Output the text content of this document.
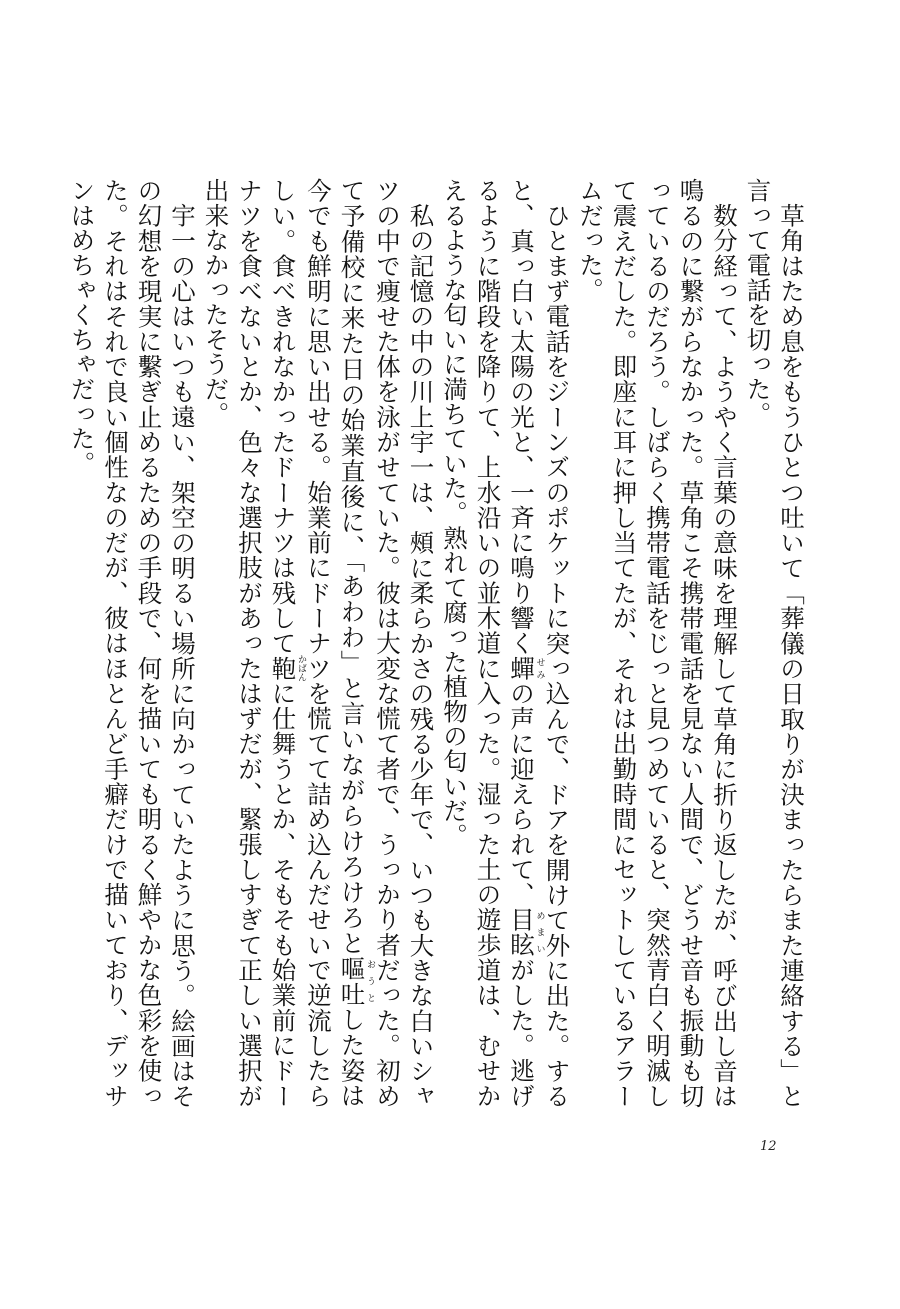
草角はため息をもうひとつ吐いて「葬儀の日取りが決まったらまた連絡する」と言って電話を切った。

数分経って、ようやく言葉の意味を理解して草角に折り返したが、呼び出し音は鳴るのに繋がらなかった。草角こそ携帯電話を見ない人間で、どうせ音も振動も切っているのだろう。しばらく携帯電話をじっと見つめていると、突然青白く明滅して震えだした。即座に耳に押し当てたが、それは出勤時間にセットしているアラームだった。

ひとまず電話をジーンズのポケットに突っ込んで、ドアを開けて外に出た。すると、真っ白い太陽の光と、一斉に鳴り響く蟬せみの声に迎えられて、目眩めまいがした。逃げるように階段を降りて、上水沿いの並木道に入った。湿った土の遊歩道は、むせかえるような匂いに満ちていた。熟れて腐った植物の匂いだ。

私の記憶の中の川上宇一は、頰に柔らかさの残る少年で、いつも大きな白いシャツの中で痩せた体を泳がせていた。彼は大変な慌て者で、うっかり者だった。初めて予備校に来た日の始業直後に、「あわわ」と言いながらけろけろと嘔吐おうとした姿は今でも鮮明に思い出せる。始業前にドーナツを慌てて詰め込んだせいで逆流したらしい。食べきれなかったドーナツは残して鞄かばんに仕舞うとか、そもそも始業前にドーナツを食べないとか、色々な選択肢があったはずだが、緊張しすぎて正しい選択が出来なかったそうだ。

宇一の心はいつも遠い、架空の明るい場所に向かっていたように思う。絵画はその幻想を現実に繫ぎ止めるための手段で、何を描いても明るく鮮やかな色彩を使った。それはそれで良い個性なのだが、彼はほとんど手癖だけで描いており、デッサンはめちゃくちゃだった。

12
